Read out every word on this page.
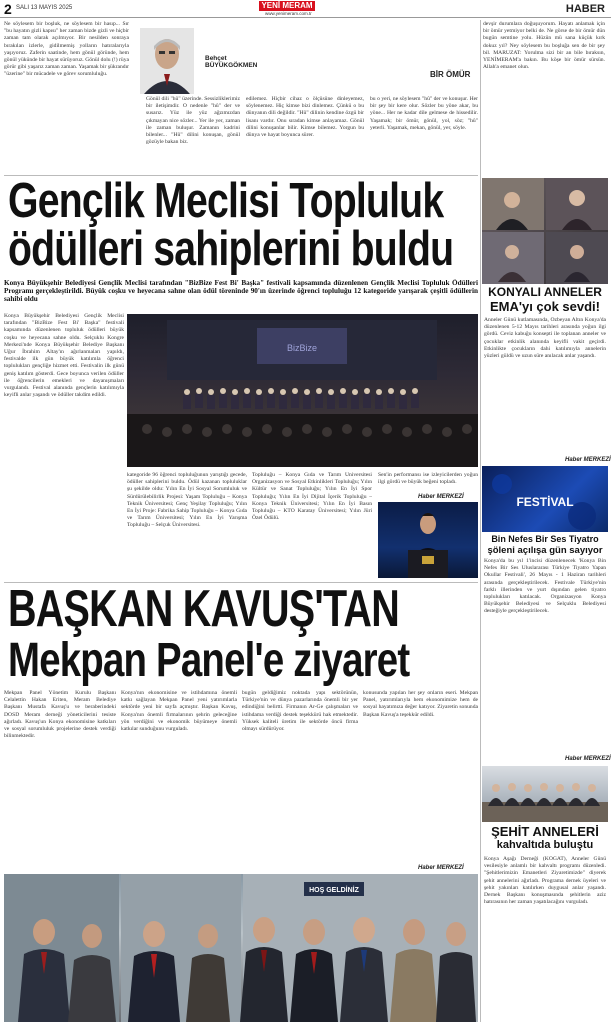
2 SALI 13 MAYIS 2025	YENİ MERAM
www.yenimeram.com.tr	HABER
Ne söylesem bir boşluk, ne söylesem bir hasıp... Sır "bu hayatın gizli kapısı" her zaman bizde gizli ve hiçbir zaman tam olarak açılmıyor. Bir nesilden sonraya bırakılan izlerle, gidilmemiş yolların hatıralarıyla yaşıyoruz. Zaferin saatinde, hem gönül göründe, hem gönül yükünde bir hayat sürüyoruz. Gönül dolu (!) rüya görür gibi yaşarız zaman zaman. Yaşamak bir şükrandır "üzerine" bir mücadele ve görev sorumluluğu.
Behçet BÜYÜKGÖKMEN
BİR ÖMÜR
Gönül dili "hû" üzerinde. Sessizliklerimiz bir iletişimdir. O nedenle "hû" der ve susarız. Yüz ile yüz ağzımızdan çıkmayan nice sözler... Yer ile yer, zaman ile zaman buluşur. Zamanın kadrini bilenler... "Hû" dilini konuşan, gönül gözüyle bakan biz.
edilemez. Hiçbir cihaz o ölçüsüne dinleyemez, söylenemez. Hiç kimse bizi dinlemez. Çünkü o bu dünyanın dili değildir. "Hû" dilinin kendine özgü bir lisanı vardır. Onu sıradan kimse anlayamaz. Gönül dilini konuşanlar bilir. Kimse bilemez. Yorgun bu dünya ve hayat boyunca sürer.
bu o yeri, ne söylesem "hû" der ve konuşur. Her bir şey bir kere olur. Sözler bu yöne akar, bu yöne... Her ne kadar dile gelmese de hissedilir. Yaşamak; bir ömür, gönül, yol, söz; "hû" yeterli. Yaşamak, mekan, gönül, yer, söyle.
devşir durumlara doğuşuyorum. Hayatı anlamak için bir ömür yetmiyor belki de. Ne görse de bir ömür dün bugün semtine yolu. Hüzün mü sana küçük kırk dokuz yıl? Ney söylesem bu boşluğa sen de bir şey bil. MARUZAT: Yorulma sizi bir an bile bıraksın, YENİMERAM'a bakın. Bu köşe bir ömür sürsün. Allah'a emanet olun.
Gençlik Meclisi Topluluk
ödülleri sahiplerini buldu
Konya Büyükşehir Belediyesi Gençlik Meclisi tarafından "BizBize Fest Bi' Başka" festivali kapsamında düzenlenen Gençlik Meclisi Topluluk Ödülleri Programı gerçekleştirildi. Büyük coşku ve heyecana sahne olan ödül töreninde 90'ın üzerinde öğrenci topluluğu 12 kategoride yarışarak çeşitli ödüllerin sahibi oldu
Konya Büyükşehir Belediyesi Gençlik Meclisi tarafından "BizBize Fest Bi' Başka" festivali kapsamında düzenlenen topluluk ödülleri büyük coşku ve heyecana sahne oldu. Selçuklu Kongre Merkezi'nde Konya Büyükşehir Belediye Başkanı Uğur İbrahim Altay'ın ağırlanmaları yapıldı, festivalde ilk gün büyük katılımla öğrenci toplulukları gençliğe hizmet etti. Festivalin ilk günü geniş katılım gösterdi. Gece boyunca verilen ödüller ile öğrencilerin emekleri ve dayanışmaları vurgulandı. Festival alanında gençlerin katılımıyla keyifli anlar yaşandı ve ödüller takdim edildi.
BizBize
kategoride 96 öğrenci topluluğunun yarıştığı gecede, ödüller sahiplerini buldu. Ödül kazanan topluluklar şu şekilde oldu: Yılın En İyi Sosyal Sorumluluk ve Sürdürülebilirlik Projesi: Yaşam Topluluğu – Konya Teknik Üniversitesi; Genç Yeşilay Topluluğu; Yılın En İyi Proje: Fabrika Sahip Topluluğu – Konya Gıda ve Tarım Üniversitesi; Yılın En İyi Yarışma Topluluğu – Selçuk Üniversitesi.
Topluluğu – Konya Gıda ve Tarım Üniversitesi Organizasyon ve Sosyal Etkinlikleri Topluluğu; Yılın Kültür ve Sanat Topluluğu; Yılın En İyi Spor Topluluğu; Yılın En İyi Dijital İçerik Topluluğu – Konya Teknik Üniversitesi; Yılın En İyi Basın Topluluğu – KTO Karatay Üniversitesi; Yılın Jüri Özel Ödülü.
Sen'in performansı ise izleyicilerden yoğun ilgi gördü ve büyük beğeni topladı.
Haber MERKEZİ
KONYALI ANNELER
EMA'yı çok sevdi!
Anneler Günü kutlamasında, Özbeyan Altın Konya'da düzenlenen 5-12 Mayıs tarihleri arasında yoğun ilgi gördü. Ceviz kabuğu konsepti ile toplanan anneler ve çocuklar etkinlik alanında keyifli vakit geçirdi. Etkinlikte çocukların dahi katılımıyla annelerin yüzleri güldü ve uzun süre anılacak anlar yaşandı.
Haber MERKEZİ
FESTİVAL
Bin Nefes Bir Ses Tiyatro
şöleni açılışa gün sayıyor
Konya'da bu yıl 1'incisi düzenlenecek 'Konya Bin Nefes Bir Ses Uluslararası Türkiye Tiyatro Yapan Okullar Festivali', 26 Mayıs - 1 Haziran tarihleri arasında gerçekleştirilecek. Festivale Türkiye'nin farklı illerinden ve yurt dışından gelen tiyatro toplulukları katılacak. Organizasyon Konya Büyükşehir Belediyesi ve Selçuklu Belediyesi desteğiyle gerçekleştirilecek.
Haber MERKEZİ
ŞEHİT ANNELERİ
kahvaltıda buluştu
Konya Aşağı Derneği (KOGAT), Anneler Günü vesilesiyle anlamlı bir kahvaltı programı düzenledi. "Şehitlerimizin Emanetleri Ziyaretimizde" diyerek şehit annelerini ağırladı. Programa dernek üyeleri ve şehit yakınları katılırken duygusal anlar yaşandı. Dernek Başkanı konuşmasında şehitlerin aziz hatırasının her zaman yaşatılacağını vurguladı.
BAŞKAN KAVUŞ'TAN
Mekpan Panel'e ziyaret
Mekpan Panel Yönetim Kurulu Başkanı Celalettin Hakan Eriten, Meram Belediye Başkanı Mustafa Kavuş'u ve beraberindeki DOSD Meram derneği yöneticilerini tesiste ağırladı. Kavuş'un Konya ekonomisine katkıları ve sosyal sorumluluk projelerine destek verdiği bilinmektedir.
Konya'nın ekonomisine ve istihdamına önemli katkı sağlayan Mekpan Panel yeni yatırımlarla sektörde yeni bir sayfa açmıştır. Başkan Kavuş, Konya'nın önemli firmalarının şehrin geleceğine yön verdiğini ve ekonomik büyümeye önemli katkılar sunduğunu vurguladı.
bugün geldiğimiz noktada yapı sektörünün, Türkiye'nin ve dünya pazarlarında önemli bir yer edindiğini belirtti. Firmanın Ar-Ge çalışmaları ve istihdama verdiği destek teşekkürü hak etmektedir. Yüksek kaliteli üretim ile sektörde öncü firma olmayı sürdürüyor.
konusunda yapılan her şey onların eseri. Mekpan Panel, yatırımlarıyla hem ekonomimize hem de sosyal hayatımıza değer katıyor. Ziyaretin sonunda Başkan Kavuş'a teşekkür edildi.
Haber MERKEZİ
HOŞ GELDİNİZ
